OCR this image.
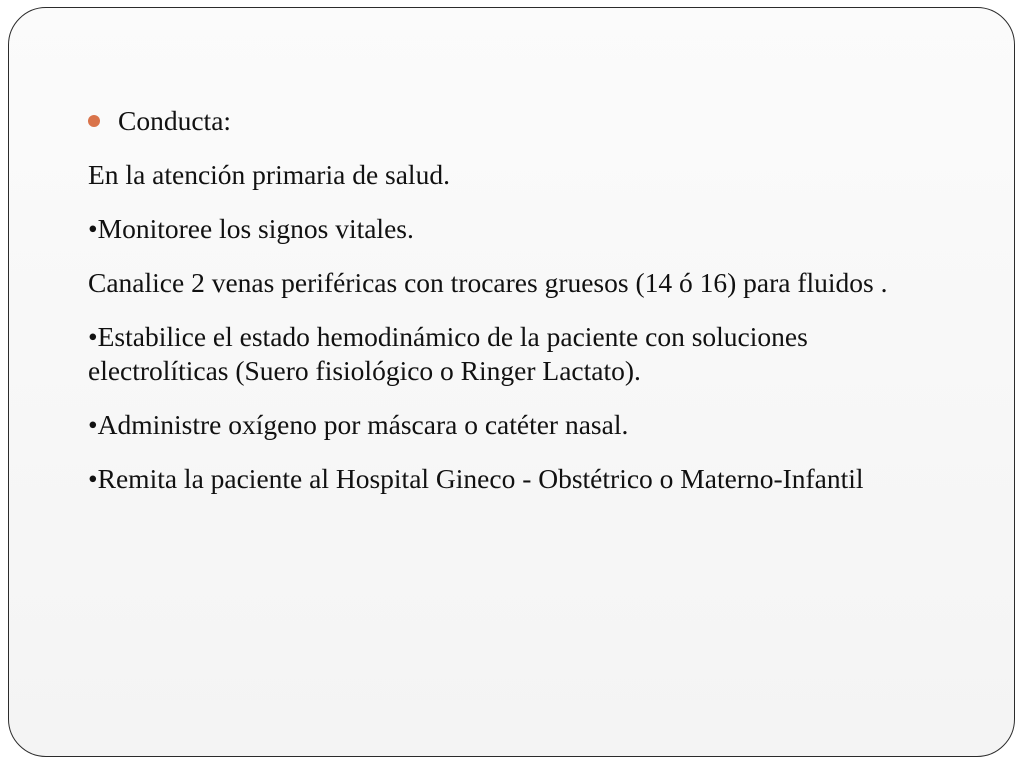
Conducta:

En la atención primaria de salud.

•Monitoree los signos vitales.

Canalice 2 venas periféricas con trocares gruesos (14 ó 16) para fluidos .

•Estabilice el estado hemodinámico de la paciente con soluciones electrolíticas (Suero fisiológico o Ringer Lactato).

•Administre oxígeno por máscara o catéter nasal.

•Remita la paciente al Hospital Gineco - Obstétrico o Materno-Infantil
